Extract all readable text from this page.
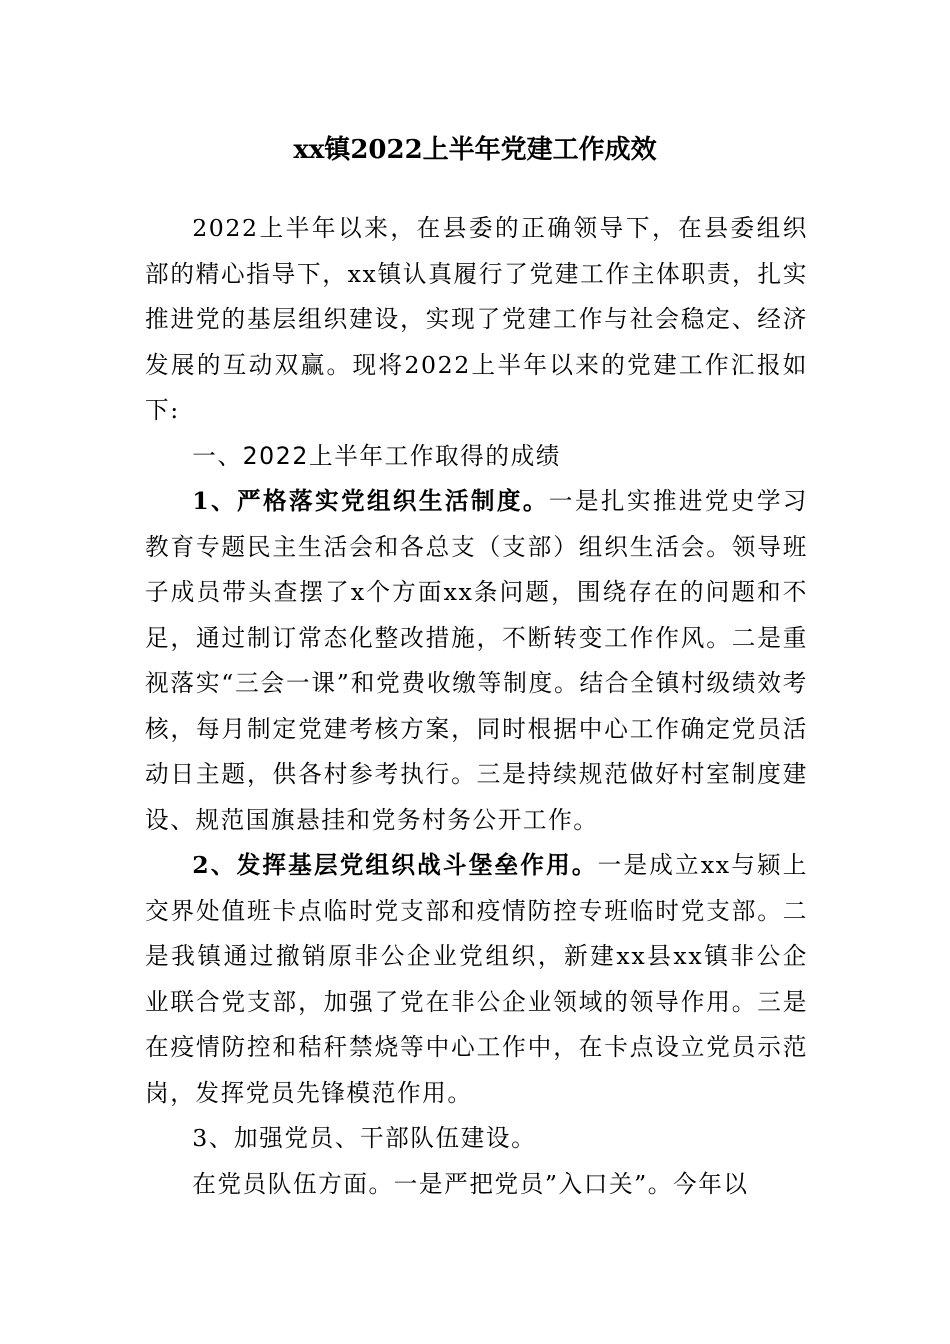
xx镇2022上半年党建工作成效

2022上半年以来，在县委的正确领导下，在县委组织部的精心指导下，xx镇认真履行了党建工作主体职责，扎实推进党的基层组织建设，实现了党建工作与社会稳定、经济发展的互动双赢。现将2022上半年以来的党建工作汇报如下:

一、2022上半年工作取得的成绩

1、严格落实党组织生活制度。一是扎实推进党史学习教育专题民主生活会和各总支（支部）组织生活会。领导班子成员带头查摆了x个方面xx条问题，围绕存在的问题和不足，通过制订常态化整改措施，不断转变工作作风。二是重视落实“三会一课”和党费收缴等制度。结合全镇村级绩效考核，每月制定党建考核方案，同时根据中心工作确定党员活动日主题，供各村参考执行。三是持续规范做好村室制度建设、规范国旗悬挂和党务村务公开工作。

2、发挥基层党组织战斗堡垒作用。一是成立xx与颍上交界处值班卡点临时党支部和疫情防控专班临时党支部。二是我镇通过撤销原非公企业党组织，新建xx县xx镇非公企业联合党支部，加强了党在非公企业领域的领导作用。三是在疫情防控和秸秆禁烧等中心工作中，在卡点设立党员示范岗，发挥党员先锋模范作用。

3、加强党员、干部队伍建设。

在党员队伍方面。一是严把党员”入口关”。今年以
